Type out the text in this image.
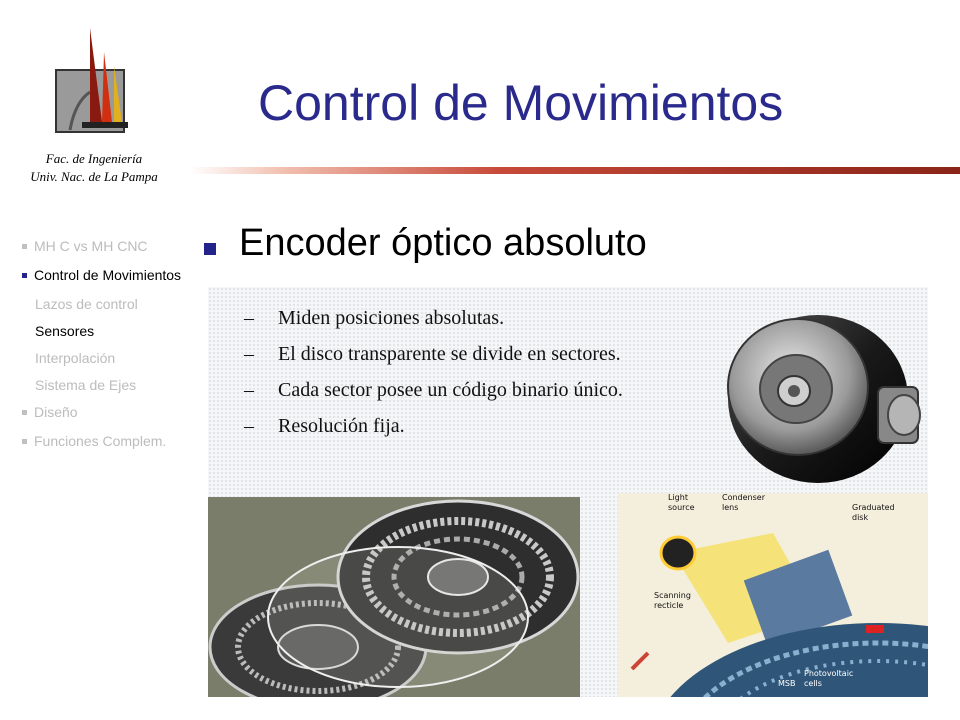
Fac. de Ingeniería
Univ. Nac. de La Pampa
Control de Movimientos
MH C vs MH CNC
Control de Movimientos
Lazos de control
Sensores
Interpolación
Sistema de Ejes
Diseño
Funciones Complem.
Encoder óptico absoluto
– Miden posiciones absolutas.
– El disco transparente se divide en sectores.
– Cada sector posee un código binario único.
– Resolución fija.
Light
source
Condenser
lens	Graduated
disk
Scanning
recticle
MSB
Photovoltaic
cells
